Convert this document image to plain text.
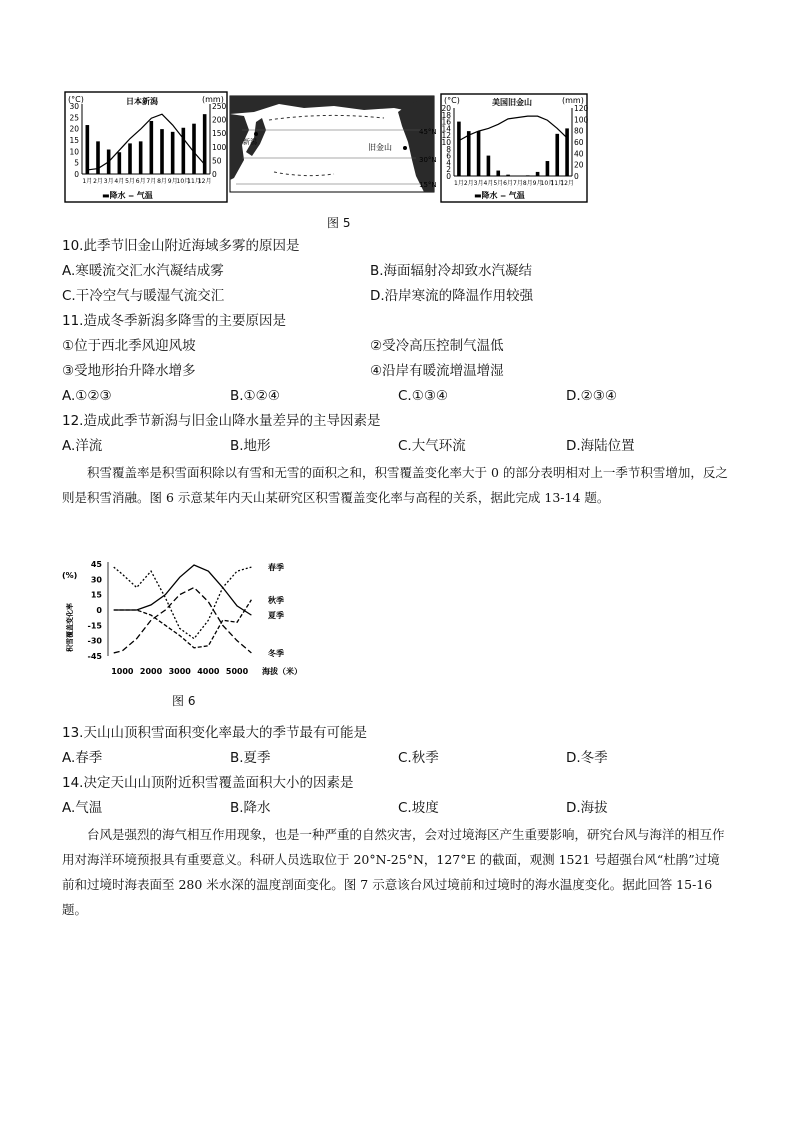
(°C)	日本新潟	(mm)
30
25
20
15
10
5
0
250
200
150
100
50
0
1月 2月 3月 4月 5月 6月 7月 8月 9月
10月
11月
12月
▬降水 ‒ 气温
新潟
旧金山
45°N
30°N
15°N
(°C)	美国旧金山	(mm)
20
18
16
14
12
10
8
6
4
2
0
120
100
80
60
40
20
0
1月 2月 3月 4月 5月 6月 7月 8月 9月
10月
11月
12月
▬降水 ‒ 气温
图 5
10.此季节旧金山附近海域多雾的原因是
A.寒暖流交汇水汽凝结成雾	B.海面辐射冷却致水汽凝结
C.干冷空气与暖湿气流交汇	D.沿岸寒流的降温作用较强
11.造成冬季新潟多降雪的主要原因是
①位于西北季风迎风坡	②受冷高压控制气温低
③受地形抬升降水增多	④沿岸有暖流增温增湿
A.①②③	B.①②④	C.①③④	D.②③④
12.造成此季节新潟与旧金山降水量差异的主导因素是
A.洋流	B.地形	C.大气环流	D.海陆位置
积雪覆盖率是积雪面积除以有雪和无雪的面积之和，积雪覆盖变化率大于 0 的部分表明相对上一季节积雪增加，反之则是积雪消融。图 6 示意某年内天山某研究区积雪覆盖变化率与高程的关系，据此完成 13-14 题。
(%)
积雪覆盖变化率
45
30
15
0
-15
-30
-45
1000 2000 3000 4000 5000
春季
夏季
秋季
冬季
海拔（米）
图 6
13.天山山顶积雪面积变化率最大的季节最有可能是
A.春季	B.夏季	C.秋季	D.冬季
14.决定天山山顶附近积雪覆盖面积大小的因素是
A.气温	B.降水	C.坡度	D.海拔
台风是强烈的海气相互作用现象，也是一种严重的自然灾害，会对过境海区产生重要影响，研究台风与海洋的相互作用对海洋环境预报具有重要意义。科研人员选取位于 20°N-25°N，127°E 的截面，观测 1521 号超强台风“杜鹃”过境前和过境时海表面至 280 米水深的温度剖面变化。图 7 示意该台风过境前和过境时的海水温度变化。据此回答 15-16 题。
